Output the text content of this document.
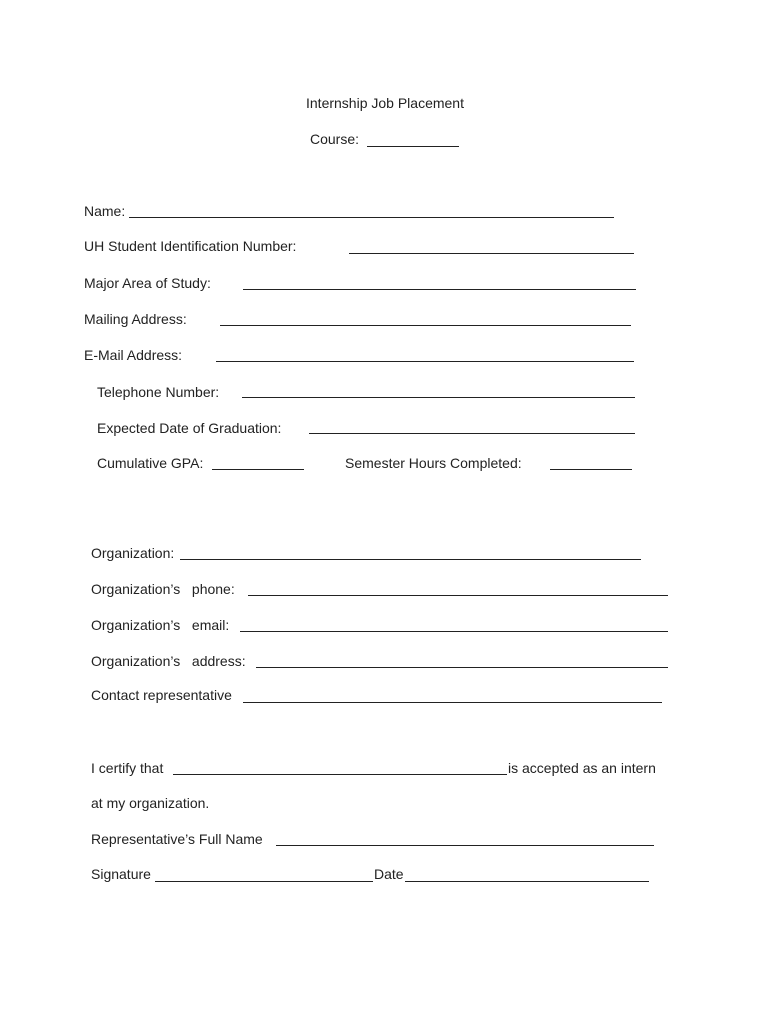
Internship Job Placement
Course:
Name:
UH Student Identification Number:
Major Area of Study:
Mailing Address:
E-Mail Address:
Telephone Number:
Expected Date of Graduation:
Cumulative GPA:	Semester Hours Completed:
Organization:
Organization’s   phone:
Organization’s   email:
Organization’s   address:
Contact representative
I certify that	is accepted as an intern
at my organization.
Representative’s Full Name
Signature	Date
